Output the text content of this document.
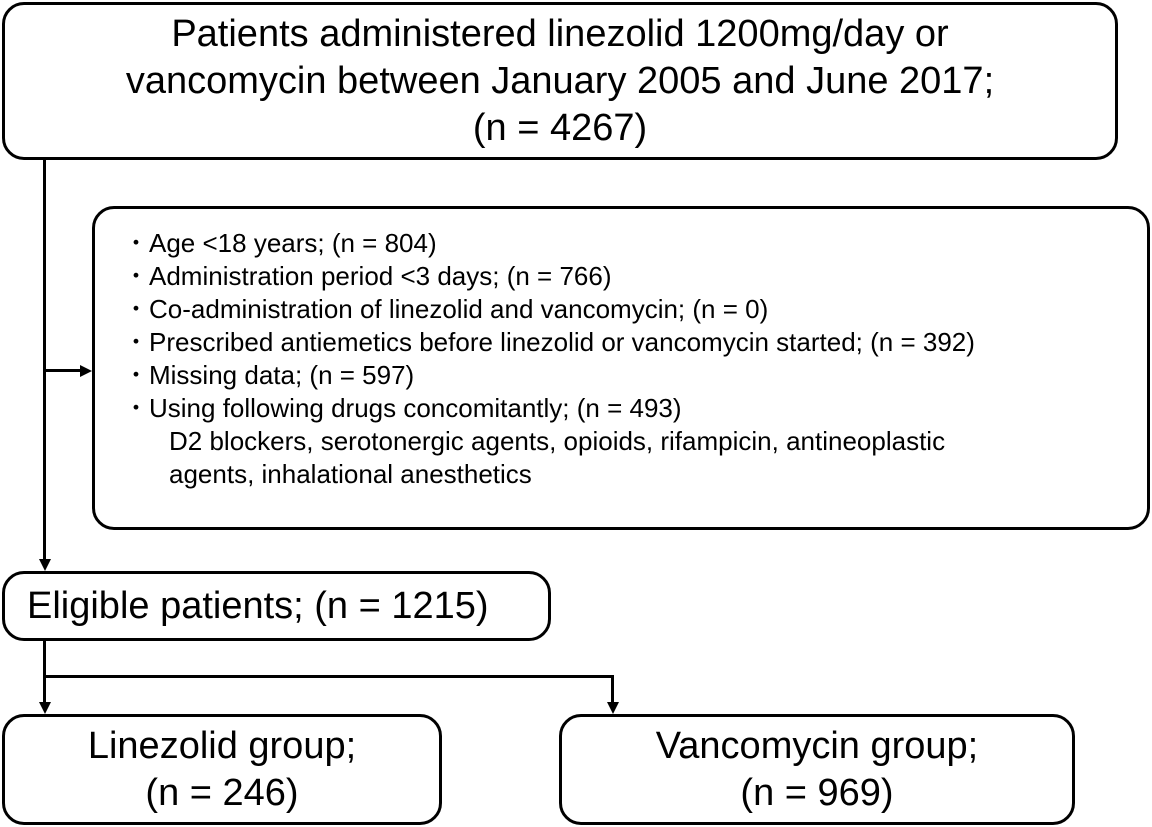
Patients administered linezolid 1200mg/day or
vancomycin between January 2005 and June 2017;
(n = 4267)
・Age <18 years; (n = 804)
・Administration period <3 days; (n = 766)
・Co-administration of linezolid and vancomycin; (n = 0)
・Prescribed antiemetics before linezolid or vancomycin started; (n = 392)
・Missing data; (n = 597)
・Using following drugs concomitantly; (n = 493)
D2 blockers, serotonergic agents, opioids, rifampicin, antineoplastic
agents, inhalational anesthetics
Eligible patients; (n = 1215)
Linezolid group;
(n = 246)
Vancomycin group;
(n = 969)
